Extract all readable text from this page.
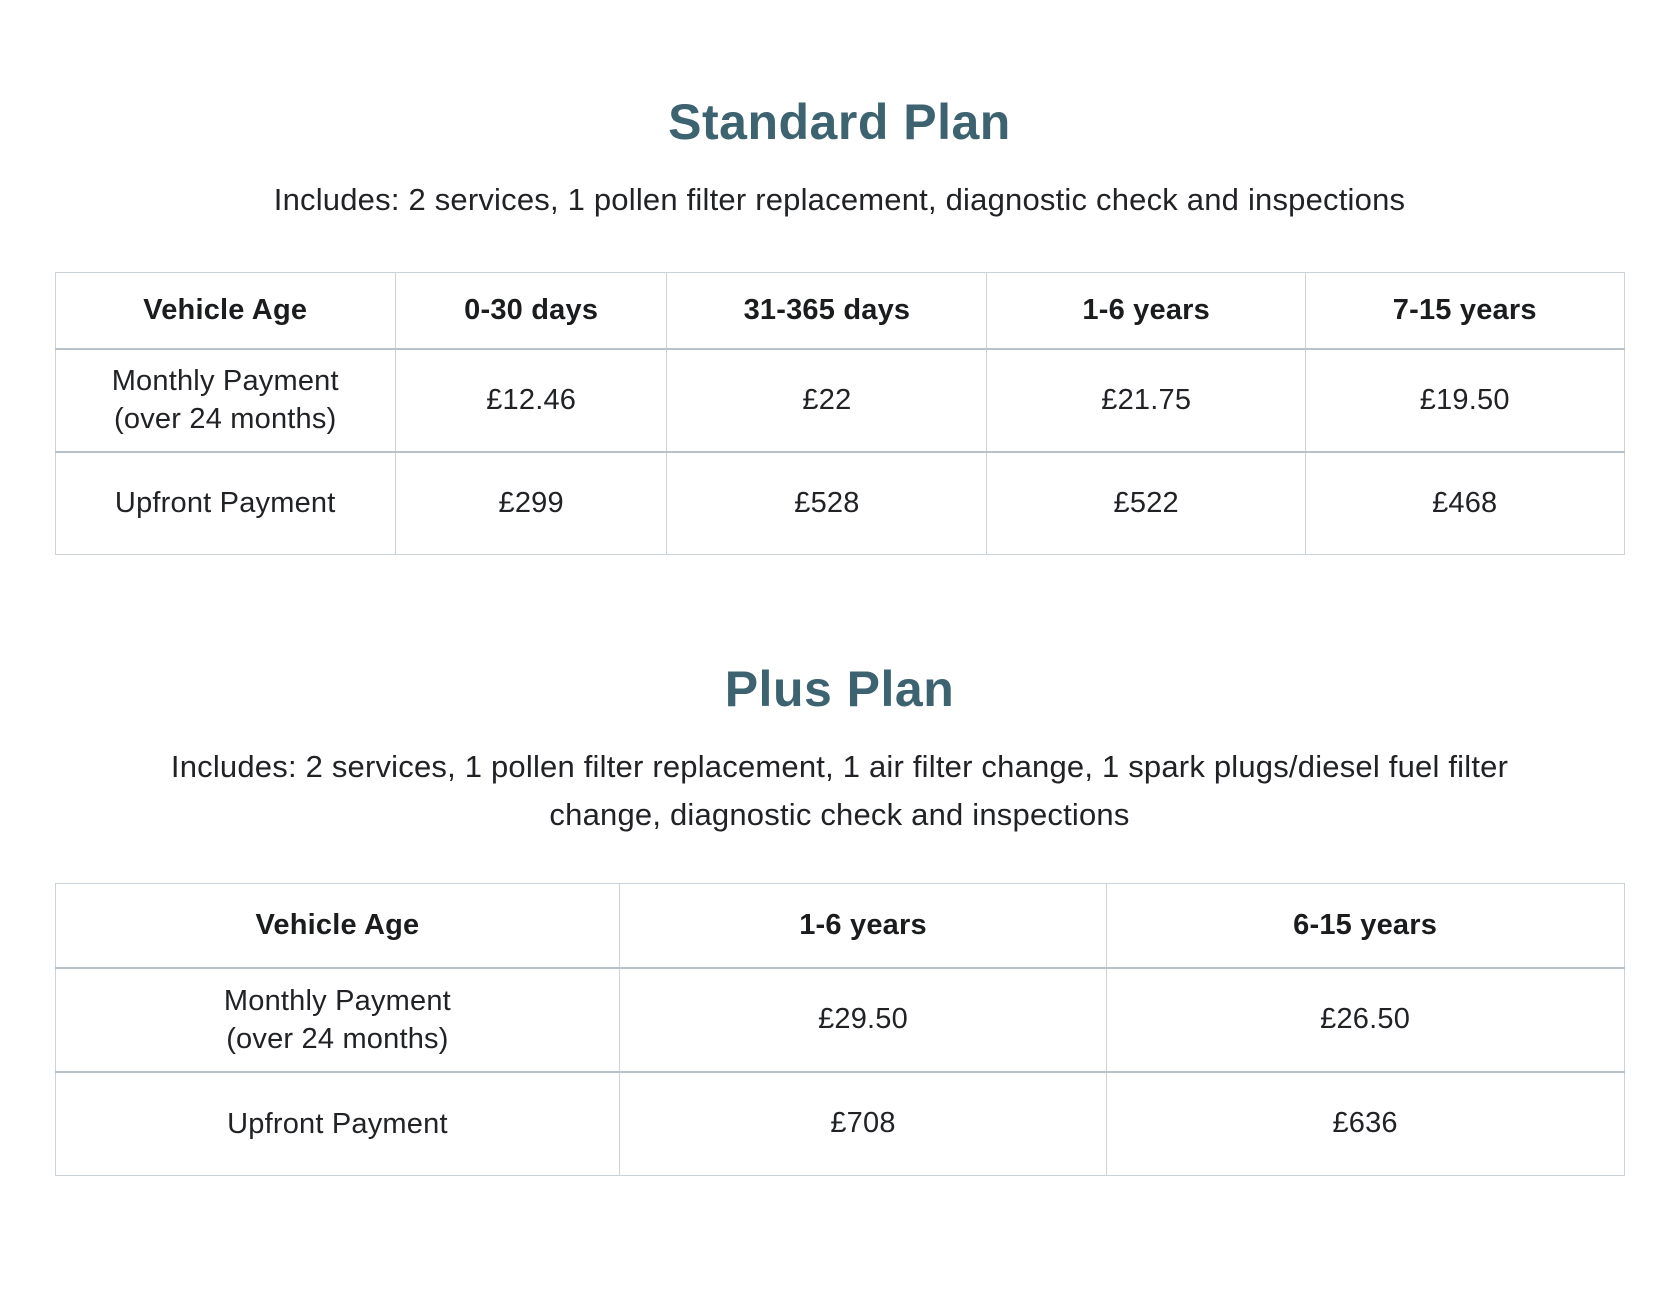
Standard Plan

Includes: 2 services, 1 pollen filter replacement, diagnostic check and inspections

Vehicle Age	0-30 days	31-365 days	1-6 years	7-15 years

Monthly Payment
(over 24 months)	£12.46	£22	£21.75	£19.50

Upfront Payment	£299	£528	£522	£468
Plus Plan

Includes: 2 services, 1 pollen filter replacement, 1 air filter change, 1 spark plugs/diesel fuel filter change, diagnostic check and inspections

Vehicle Age	1-6 years	6-15 years

Monthly Payment
(over 24 months)	£29.50	£26.50

Upfront Payment	£708	£636
